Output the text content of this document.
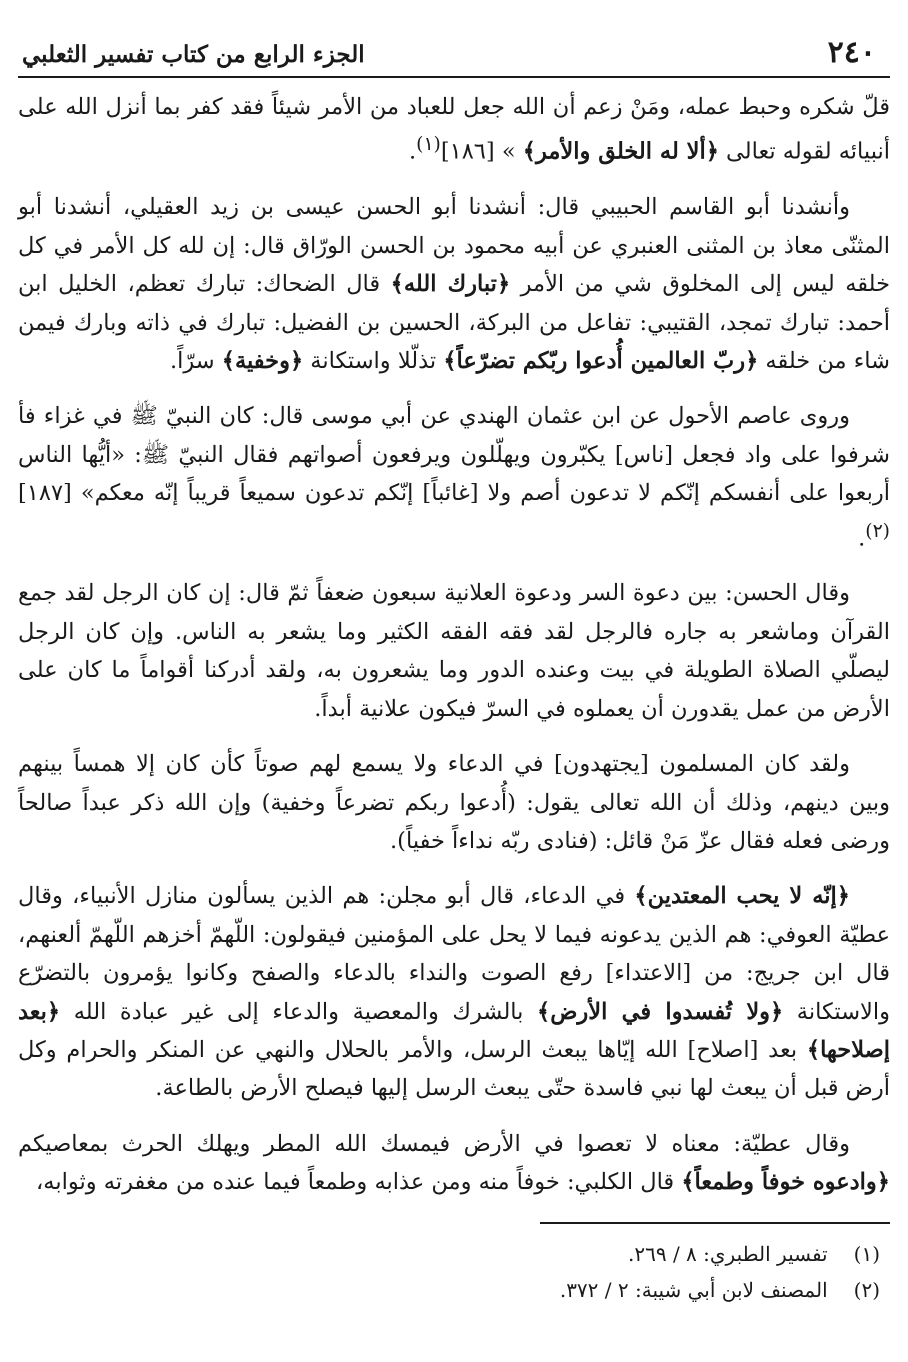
٢٤٠
الجزء الرابع من كتاب تفسير الثعلبي

قلّ شكره وحبط عمله، ومَنْ زعم أن الله جعل للعباد من الأمر شيئاً فقد كفر بما أنزل الله على أنبيائه لقوله تعالى ﴿ألا له الخلق والأمر﴾ » [١٨٦]$^{(١)}$.

وأنشدنا أبو القاسم الحبيبي قال: أنشدنا أبو الحسن عيسى بن زيد العقيلي، أنشدنا أبو المثنّى معاذ بن المثنى العنبري عن أبيه محمود بن الحسن الورّاق قال: إن لله كل الأمر في كل خلقه ليس إلى المخلوق شي من الأمر ﴿تبارك الله﴾ قال الضحاك: تبارك تعظم، الخليل ابن أحمد: تبارك تمجد، القتيبي: تفاعل من البركة، الحسين بن الفضيل: تبارك في ذاته وبارك فيمن شاء من خلقه ﴿ربّ العالمين أُدعوا ربّكم تضرّعاً﴾ تذلّلا واستكانة ﴿وخفية﴾ سرّاً.

وروى عاصم الأحول عن ابن عثمان الهندي عن أبي موسى قال: كان النبيّ ﷺ في غزاء فأ شرفوا على واد فجعل [ناس] يكبّرون ويهلّلون ويرفعون أصواتهم فقال النبيّ ﷺ: «أيُّها الناس أربعوا على أنفسكم إنّكم لا تدعون أصم ولا [غائباً] إنّكم تدعون سميعاً قريباً إنّه معكم» [١٨٧]$^{(٢)}$.

وقال الحسن: بين دعوة السر ودعوة العلانية سبعون ضعفاً ثمّ قال: إن كان الرجل لقد جمع القرآن وماشعر به جاره فالرجل لقد فقه الفقه الكثير وما يشعر به الناس. وإن كان الرجل ليصلّي الصلاة الطويلة في بيت وعنده الدور وما يشعرون به، ولقد أدركنا أقواماً ما كان على الأرض من عمل يقدورن أن يعملوه في السرّ فيكون علانية أبداً.

ولقد كان المسلمون [يجتهدون] في الدعاء ولا يسمع لهم صوتاً كأن كان إلا همساً بينهم وبين دينهم، وذلك أن الله تعالى يقول: (أُدعوا ربكم تضرعاً وخفية) وإن الله ذكر عبداً صالحاً ورضى فعله فقال عزّ مَنْ قائل: (فنادى ربّه نداءاً خفياً).

﴿إنّه لا يحب المعتدين﴾ في الدعاء، قال أبو مجلن: هم الذين يسألون منازل الأنبياء، وقال عطيّة العوفي: هم الذين يدعونه فيما لا يحل على المؤمنين فيقولون: اللّهمّ أخزهم اللّهمّ ألعنهم، قال ابن جريج: من [الاعتداء] رفع الصوت والنداء بالدعاء والصفح وكانوا يؤمرون بالتضرّع والاستكانة ﴿ولا تُفسدوا في الأرض﴾ بالشرك والمعصية والدعاء إلى غير عبادة الله ﴿بعد إصلاحها﴾ بعد [اصلاح] الله إيّاها يبعث الرسل، والأمر بالحلال والنهي عن المنكر والحرام وكل أرض قبل أن يبعث لها نبي فاسدة حتّى يبعث الرسل إليها فيصلح الأرض بالطاعة.

وقال عطيّة: معناه لا تعصوا في الأرض فيمسك الله المطر ويهلك الحرث بمعاصيكم ﴿وادعوه خوفاً وطمعاً﴾ قال الكلبي: خوفاً منه ومن عذابه وطمعاً فيما عنده من مغفرته وثوابه،

(١) تفسير الطبري: ٨ / ٢٦٩.
(٢) المصنف لابن أبي شيبة: ٢ / ٣٧٢.
